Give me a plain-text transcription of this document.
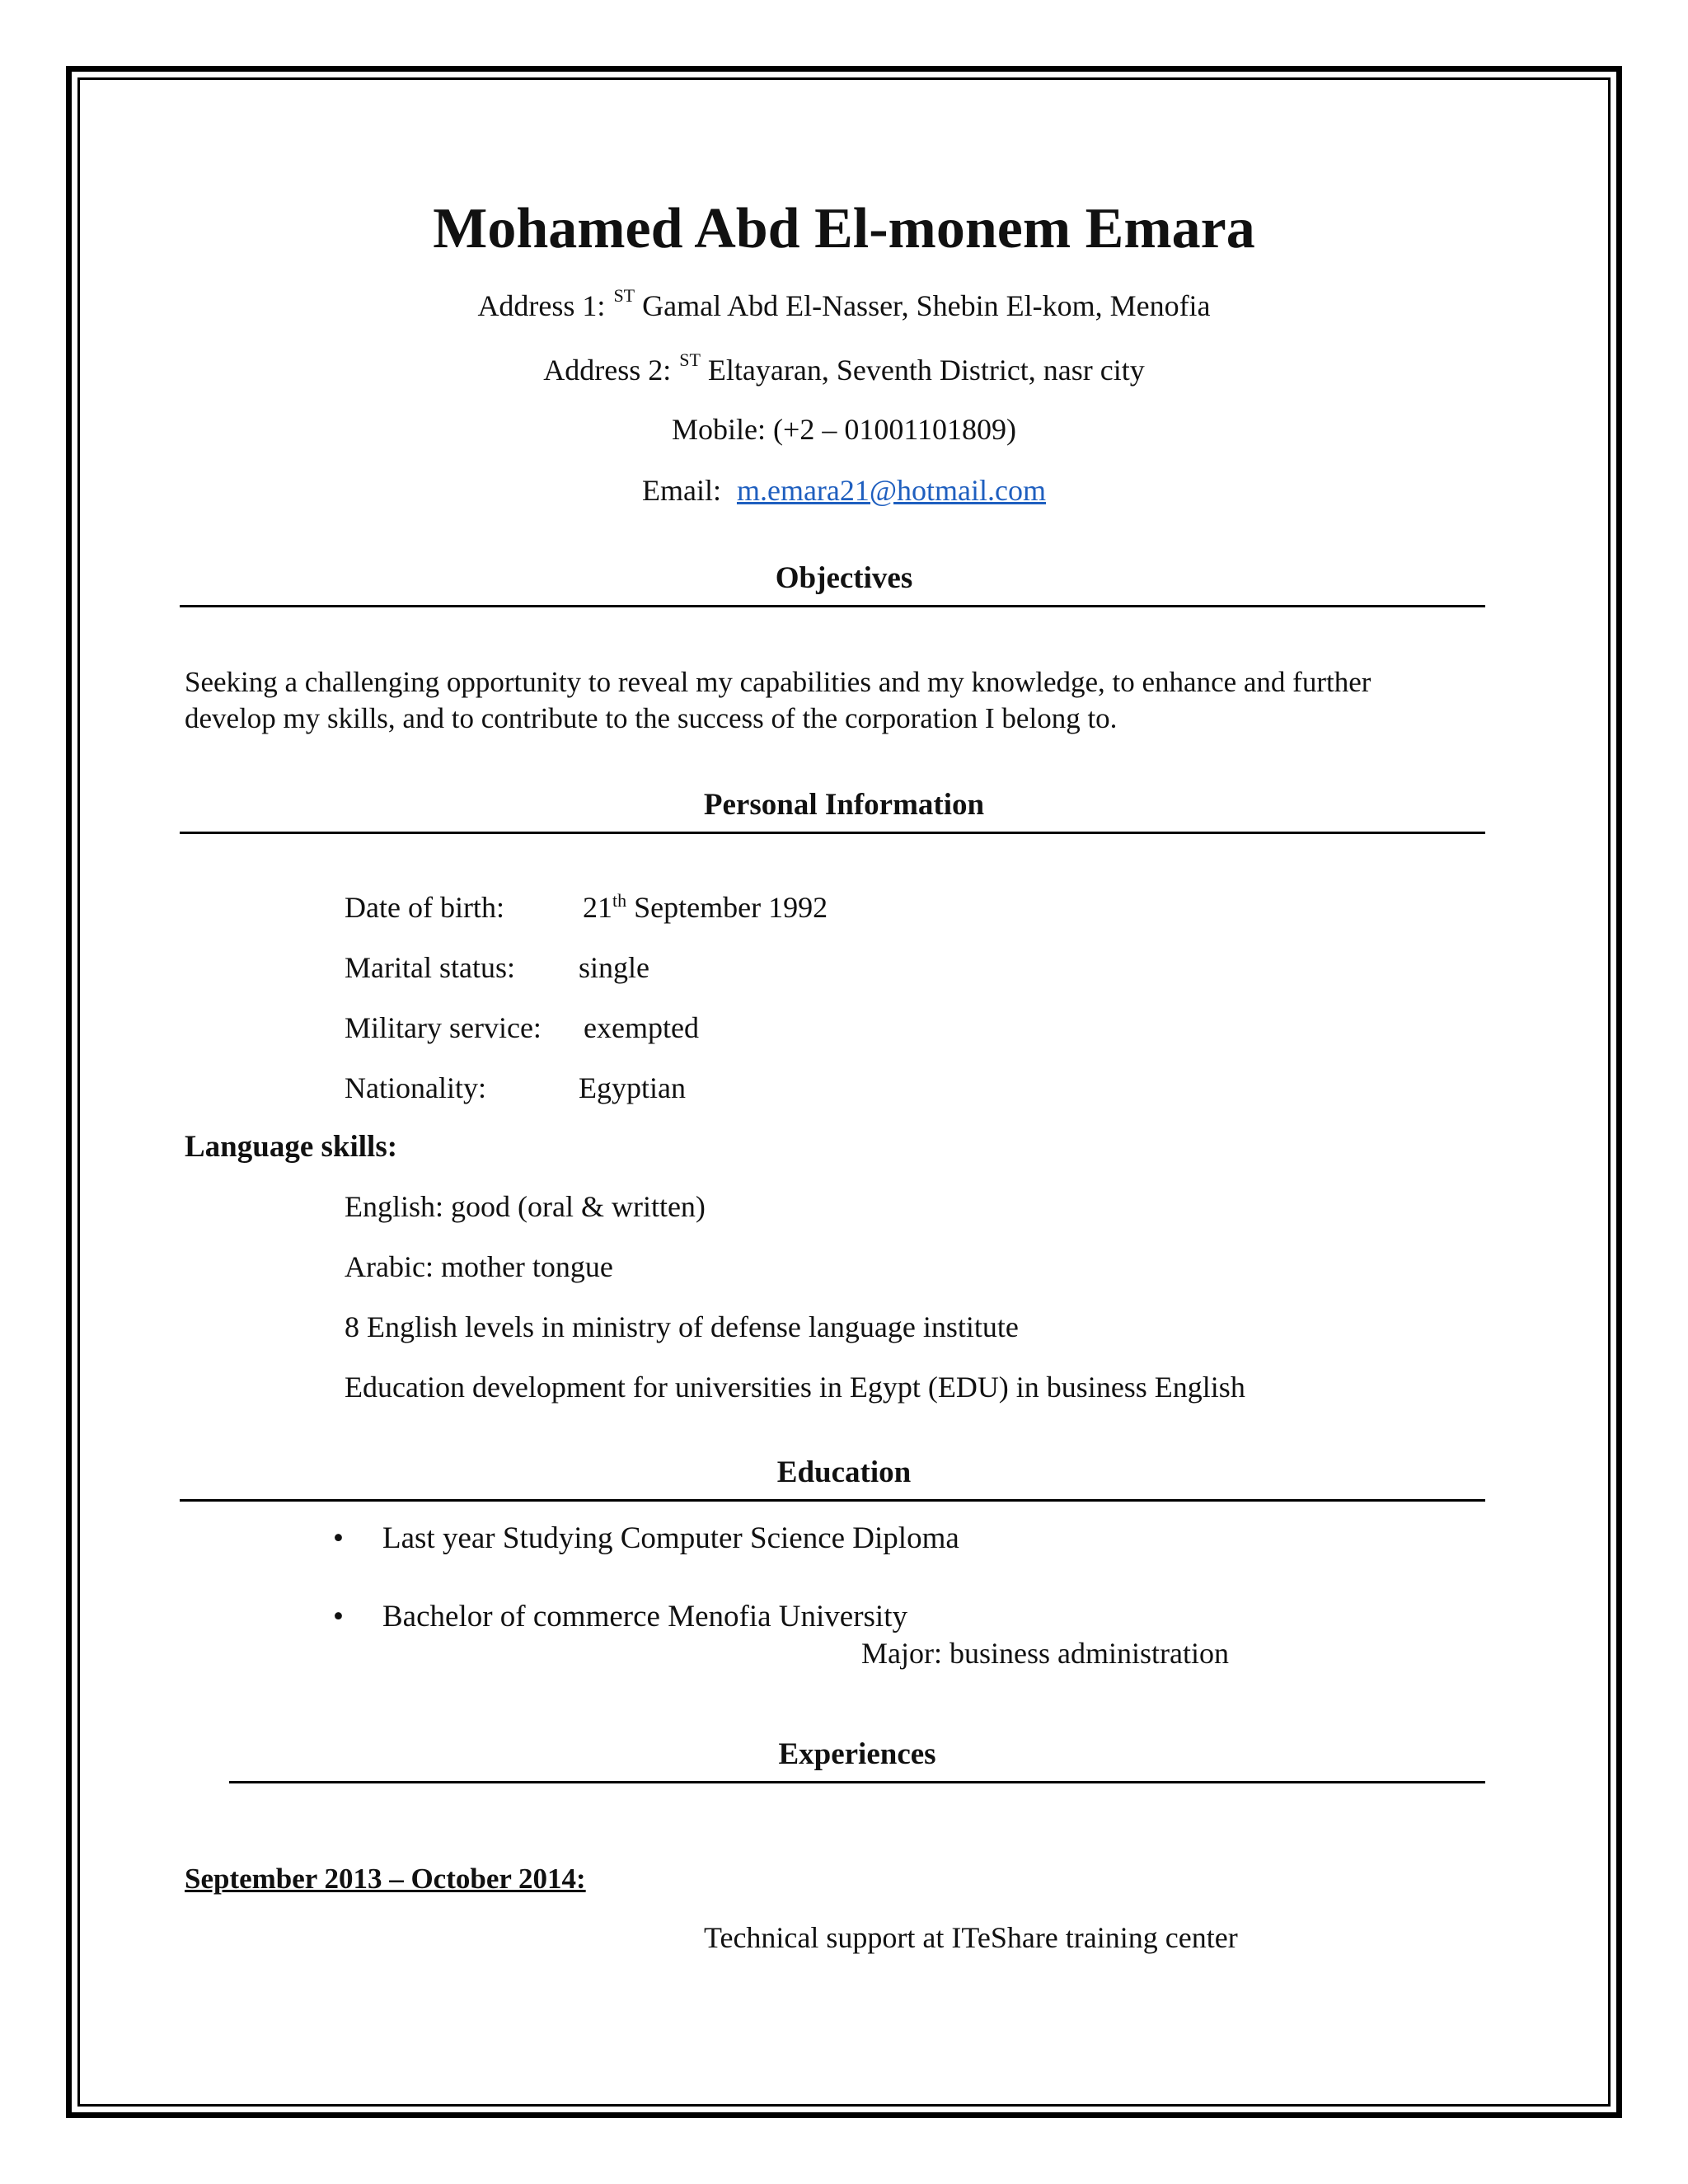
Mohamed Abd El-monem Emara
Address 1: $^{ST}$ Gamal Abd El-Nasser, Shebin El-kom, Menofia
Address 2: $^{ST}$ Eltayaran, Seventh District, nasr city
Mobile: (+2 – 01001101809)
Email: m.emara21@hotmail.com
Objectives
Seeking a challenging opportunity to reveal my capabilities and my knowledge, to enhance and further
develop my skills, and to contribute to the success of the corporation I belong to.
Personal Information
Date of birth:	21th September 1992
Marital status: single
Military service: exempted
Nationality:	Egyptian
Language skills:
English: good (oral & written)
Arabic: mother tongue
8 English levels in ministry of defense language institute
Education development for universities in Egypt (EDU) in business English
Education
• Last year Studying Computer Science Diploma
• Bachelor of commerce Menofia University
Major: business administration
Experiences
September 2013 – October 2014:
Technical support at ITeShare training center
